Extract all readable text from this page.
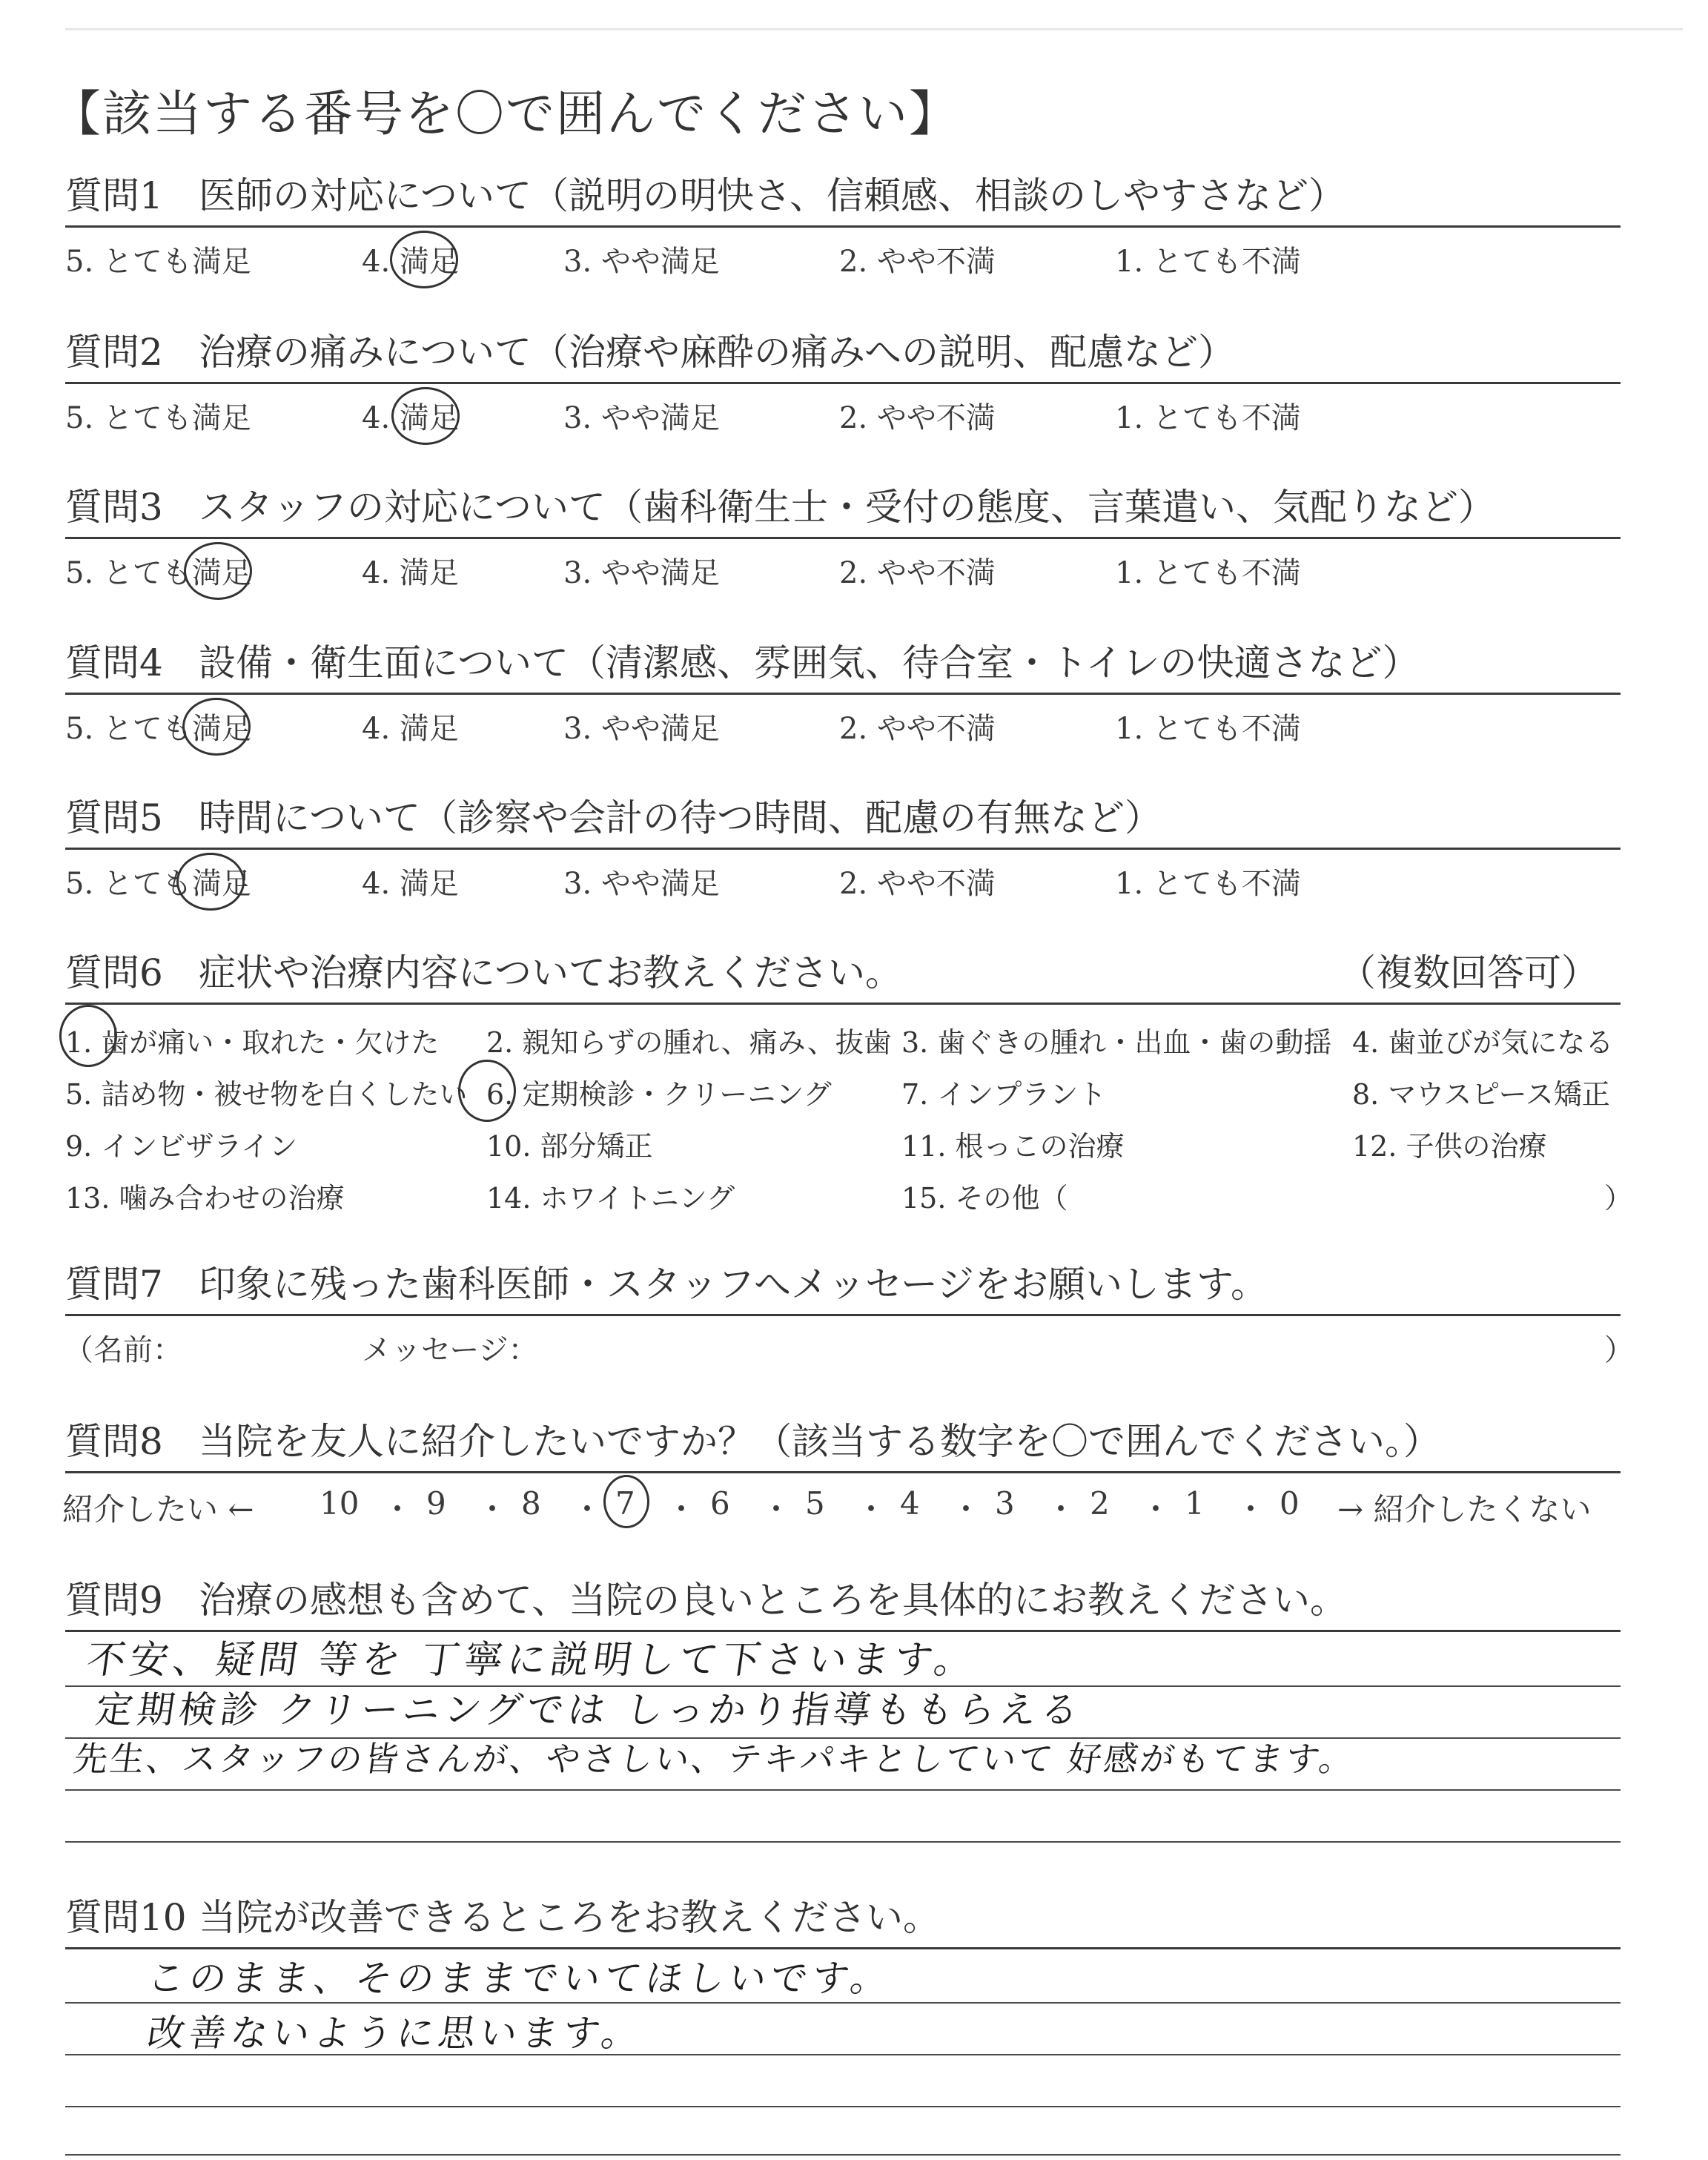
【該当する番号を〇で囲んでください】
質問1 医師の対応について（説明の明快さ、信頼感、相談のしやすさなど）
5. とても満足	4. 満足	3. やや満足	2. やや不満	1. とても不満
質問2 治療の痛みについて（治療や麻酔の痛みへの説明、配慮など）
5. とても満足	4. 満足	3. やや満足	2. やや不満	1. とても不満
質問3 スタッフの対応について（歯科衛生士・受付の態度、言葉遣い、気配りなど）
5. とても満足	4. 満足	3. やや満足	2. やや不満	1. とても不満
質問4 設備・衛生面について（清潔感、雰囲気、待合室・トイレの快適さなど）
5. とても満足	4. 満足	3. やや満足	2. やや不満	1. とても不満
質問5 時間について（診察や会計の待つ時間、配慮の有無など）
5. とても満足	4. 満足	3. やや満足	2. やや不満	1. とても不満
質問6 症状や治療内容についてお教えください。	（複数回答可）
1. 歯が痛い・取れた・欠けた 2. 親知らずの腫れ、痛み、抜歯 3. 歯ぐきの腫れ・出血・歯の動揺 4. 歯並びが気になる
5. 詰め物・被せ物を白くしたい 6. 定期検診・クリーニング 7. インプラント	8. マウスピース矯正
9. インビザライン	10. 部分矯正	11. 根っこの治療	12. 子供の治療
13. 噛み合わせの治療	14. ホワイトニング	15. その他（	）
質問7 印象に残った歯科医師・スタッフへメッセージをお願いします。
（名前：	メッセージ：	）
質問8 当院を友人に紹介したいですか？（該当する数字を〇で囲んでください。）
紹介したい ← 10 ・ 9 ・ 8 ・ 7 ・ 6 ・ 5 ・ 4 ・ 3 ・ 2 ・ 1 ・ 0 → 紹介したくない
質問9 治療の感想も含めて、当院の良いところを具体的にお教えください。
不安、疑問 等を 丁寧に説明して下さいます。
定期検診 クリーニングでは しっかり指導ももらえる
先生、スタッフの皆さんが、やさしい、テキパキとしていて 好感がもてます。
質問10 当院が改善できるところをお教えください。
このまま、そのままでいてほしいです。
改善ないように思います。
